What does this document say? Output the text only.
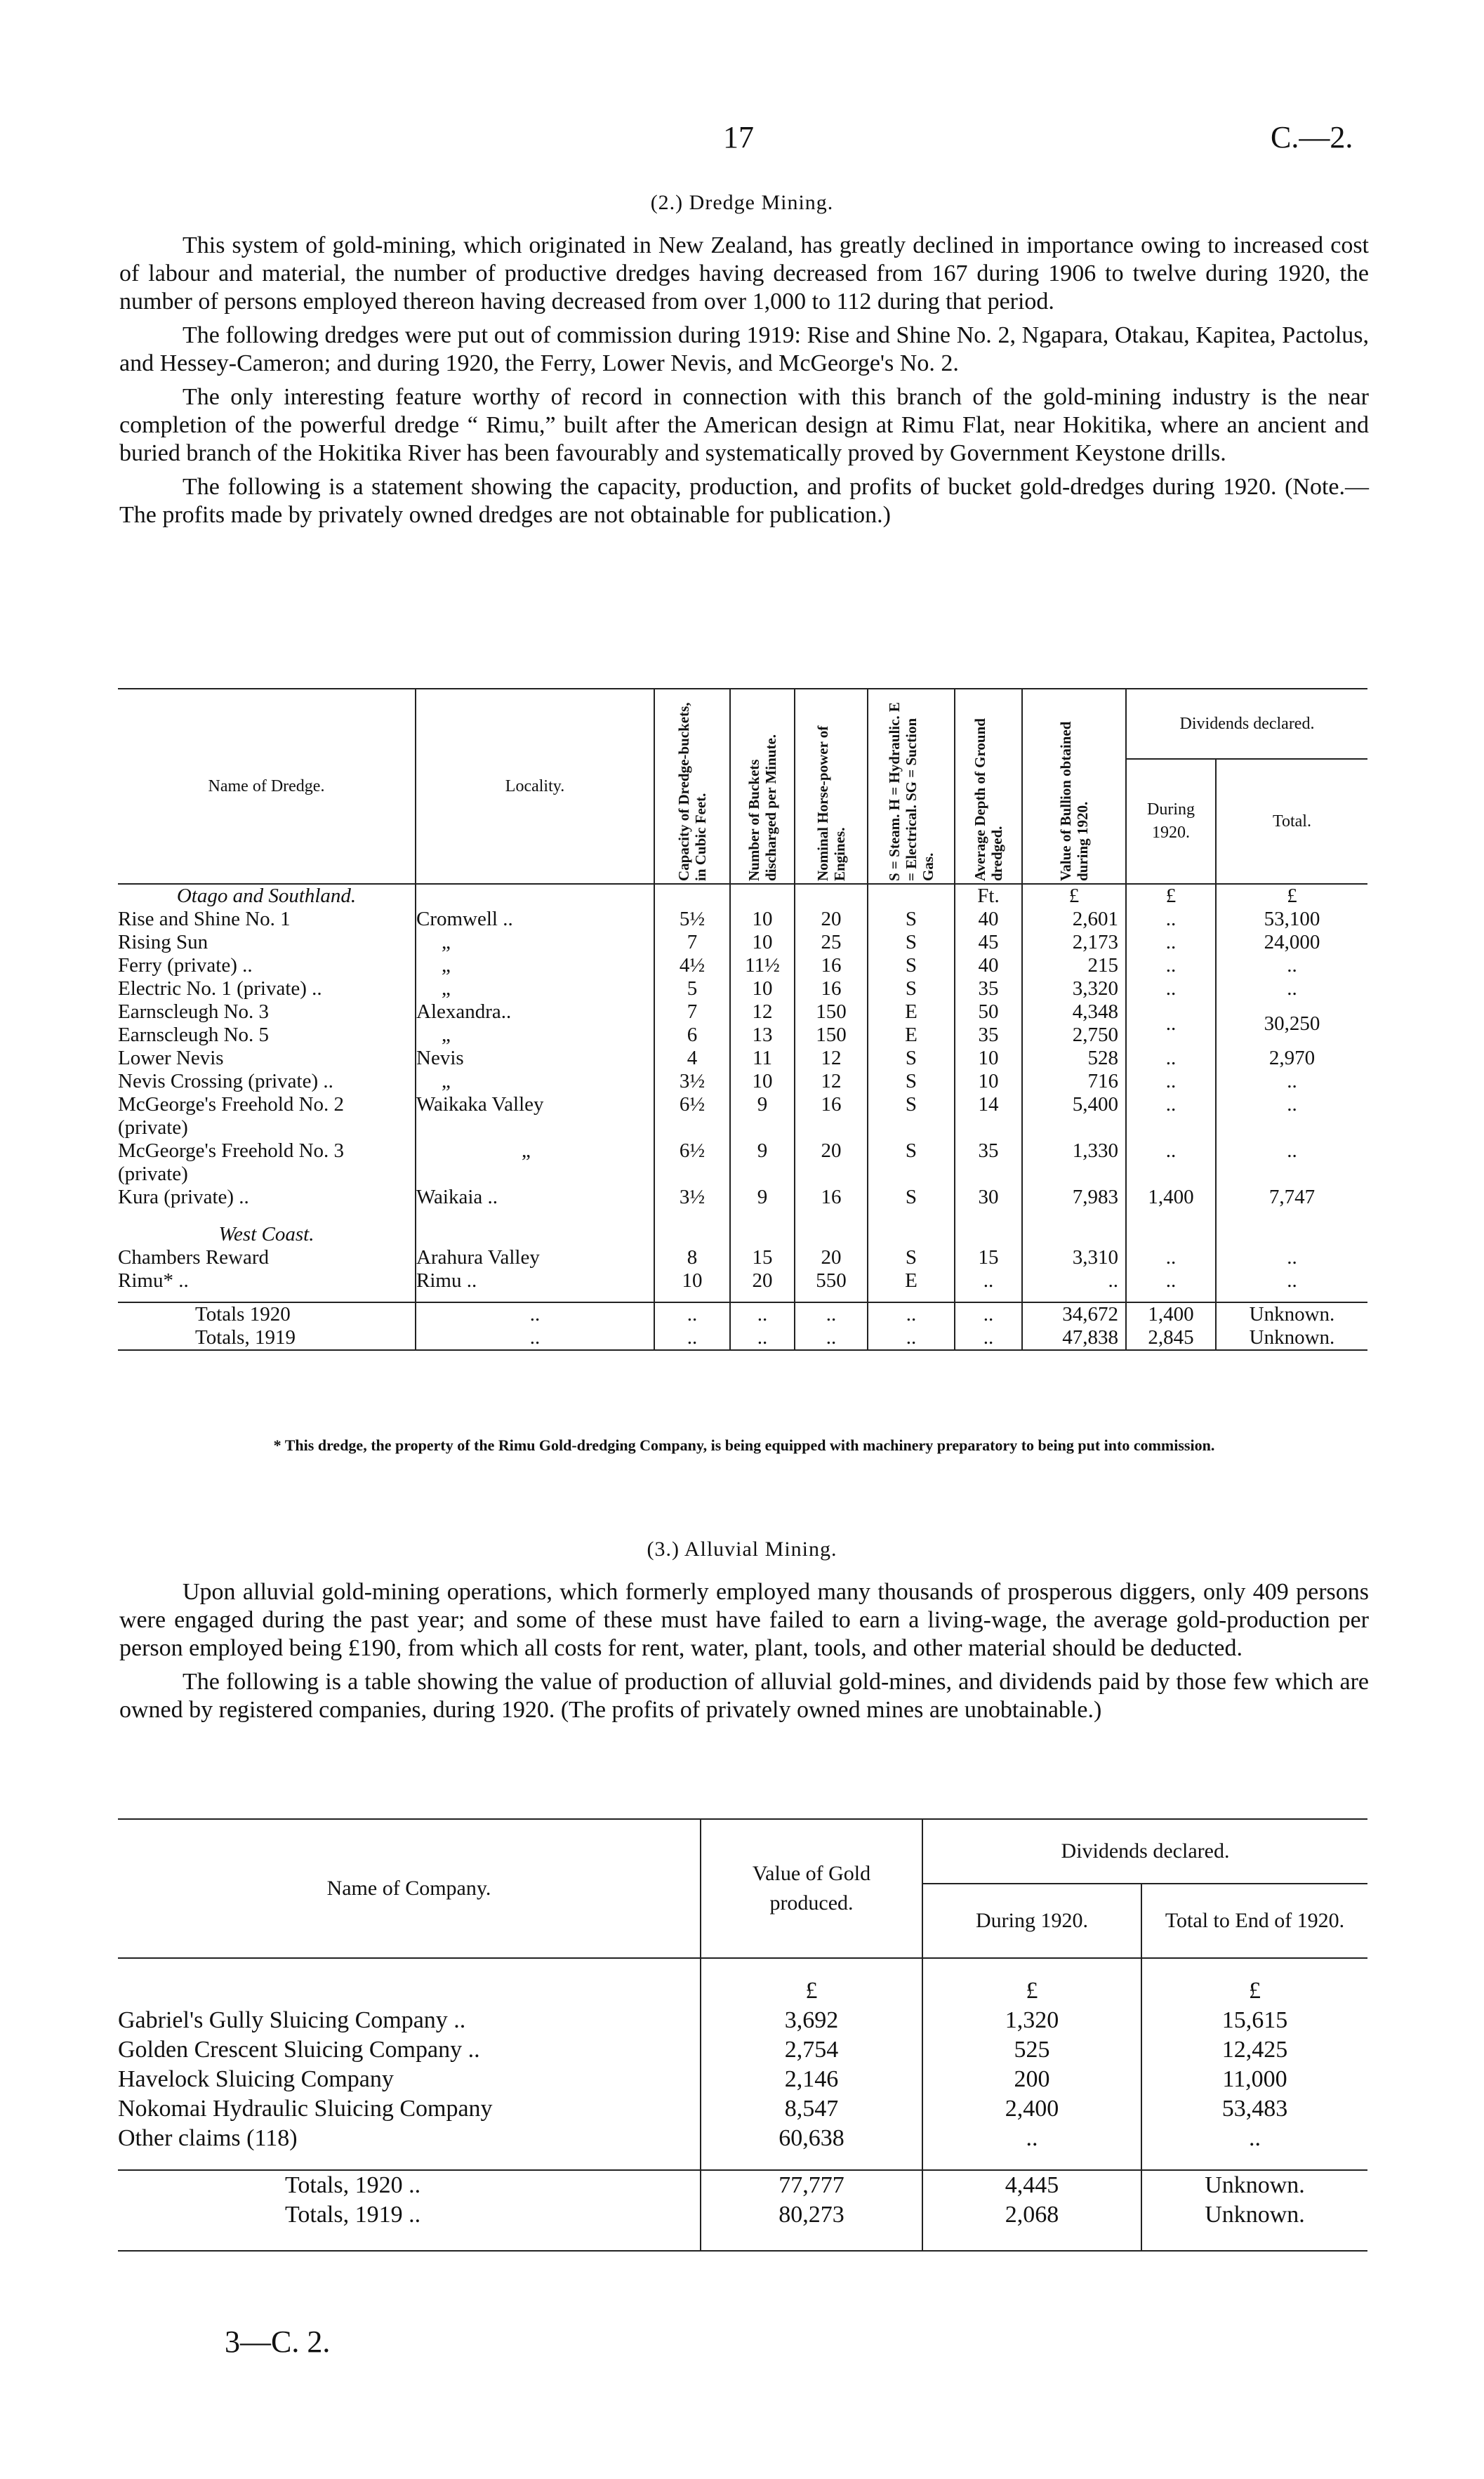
17	C.—2.
(2.) Dredge Mining.

This system of gold-mining, which originated in New Zealand, has greatly declined in importance owing to increased cost of labour and material, the number of productive dredges having decreased from 167 during 1906 to twelve during 1920, the number of persons employed thereon having decreased from over 1,000 to 112 during that period.

The following dredges were put out of commission during 1919: Rise and Shine No. 2, Ngapara, Otakau, Kapitea, Pactolus, and Hessey-Cameron; and during 1920, the Ferry, Lower Nevis, and McGeorge's No. 2.

The only interesting feature worthy of record in connection with this branch of the gold-mining industry is the near completion of the powerful dredge “ Rimu,” built after the American design at Rimu Flat, near Hokitika, where an ancient and buried branch of the Hokitika River has been favourably and systematically proved by Government Keystone drills.

The following is a statement showing the capacity, production, and profits of bucket gold-dredges during 1920. (Note.—The profits made by privately owned dredges are not obtainable for publication.)

Name of Dredge.	Locality.	Capacity of Dredge-buckets, in Cubic Feet.	Number of Buckets discharged per Minute.	Nominal Horse-power of Engines.	S = Steam. H = Hydraulic. E = Electrical. SG = Suction Gas.	Average Depth of Ground dredged.	Value of Bullion obtained during 1920.	Dividends declared.	
								During 1920.	Total.
Otago and Southland.						Ft.	£	£	£
Rise and Shine No. 1	Cromwell ..	5½	10	20	S	40	2,601	..	53,100
Rising Sun	„	7	10	25	S	45	2,173	..	24,000
Ferry (private) ..	„	4½	11½	16	S	40	215	..	..
Electric No. 1 (private) ..	„	5	10	16	S	35	3,320	..	..
Earnscleugh No. 3	Alexandra..	7	12	150	E	50	4,348	..	30,250
Earnscleugh No. 5	„	6	13	150	E	35	2,750		
Lower Nevis	Nevis	4	11	12	S	10	528	..	2,970
Nevis Crossing (private) ..	„	3½	10	12	S	10	716	..	..
McGeorge's Freehold No. 2 (private)	Waikaka Valley	6½	9	16	S	14	5,400	..	..
McGeorge's Freehold No. 3 (private)	„	6½	9	20	S	35	1,330	..	..
Kura (private) ..	Waikaia ..	3½	9	16	S	30	7,983	1,400	7,747

West Coast.									
Chambers Reward	Arahura Valley	8	15	20	S	15	3,310	..	..
Rimu* ..	Rimu ..	10	20	550	E	..	..	..	..

Totals 1920	..	..	..	..	..	..	34,672	1,400	Unknown.
Totals, 1919	..	..	..	..	..	..	47,838	2,845	Unknown.
* This dredge, the property of the Rimu Gold-dredging Company, is being equipped with machinery preparatory to being put into commission.
(3.) Alluvial Mining.

Upon alluvial gold-mining operations, which formerly employed many thousands of prosperous diggers, only 409 persons were engaged during the past year; and some of these must have failed to earn a living-wage, the average gold-production per person employed being £190, from which all costs for rent, water, plant, tools, and other material should be deducted.

The following is a table showing the value of production of alluvial gold-mines, and dividends paid by those few which are owned by registered companies, during 1920. (The profits of privately owned mines are unobtainable.)

Name of Company.	Value of Gold produced.	Dividends declared.	
		During 1920.	Total to End of 1920.

	£	£	£
Gabriel's Gully Sluicing Company ..	3,692	1,320	15,615
Golden Crescent Sluicing Company ..	2,754	525	12,425
Havelock Sluicing Company	2,146	200	11,000
Nokomai Hydraulic Sluicing Company	8,547	2,400	53,483
Other claims (118)	60,638	..	..

Totals, 1920 ..	77,777	4,445	Unknown.
Totals, 1919 ..	80,273	2,068	Unknown.

3—C. 2.
